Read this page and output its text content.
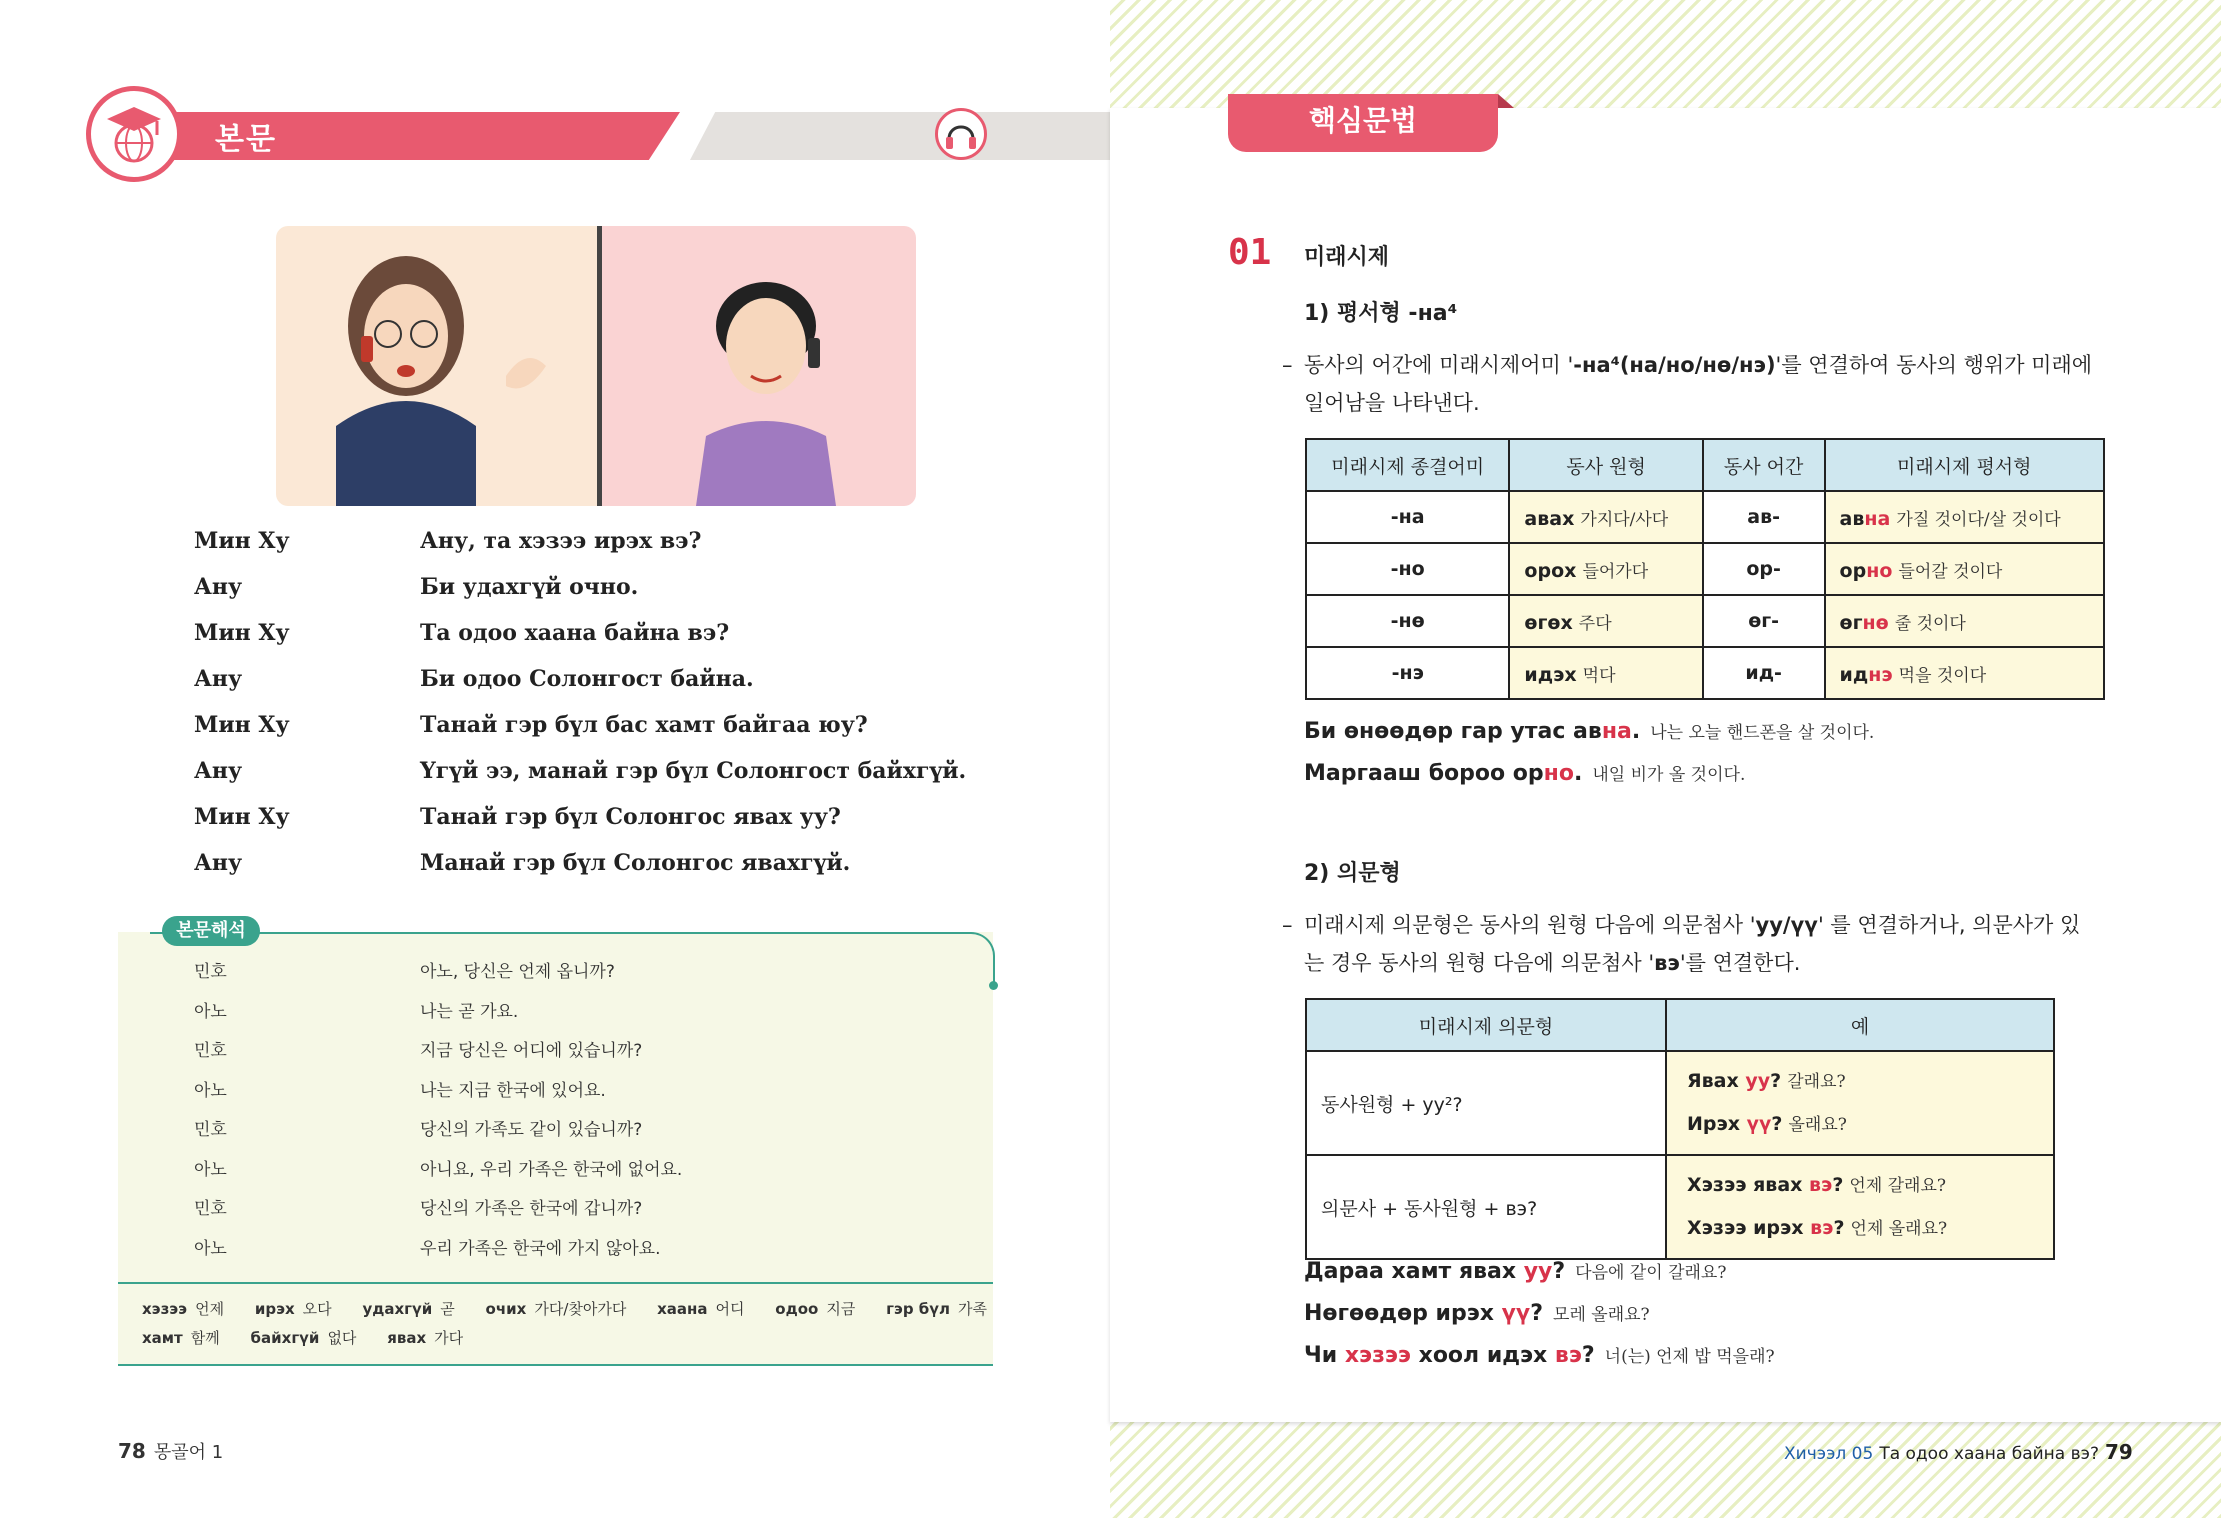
본문
Мин Ху	Ану, та хэзээ ирэх вэ?
Ану	Би удахгүй очно.
Мин Ху	Та одоо хаана байна вэ?
Ану	Би одоо Солонгост байна.
Мин Ху	Танай гэр бүл бас хамт байгаа юу?
Ану	Үгүй ээ, манай гэр бүл Солонгост байхгүй.
Мин Ху	Танай гэр бүл Солонгос явах уу?
Ану	Манай гэр бүл Солонгос явахгүй.
본문해석
민호	아노, 당신은 언제 옵니까?
아노	나는 곧 가요.
민호	지금 당신은 어디에 있습니까?
아노	나는 지금 한국에 있어요.
민호	당신의 가족도 같이 있습니까?
아노	아니요, 우리 가족은 한국에 없어요.
민호	당신의 가족은 한국에 갑니까?
아노	우리 가족은 한국에 가지 않아요.
хэзээ 언제 ирэх 오다 удахгүй 곧 очих 가다/찾아가다 хаана 어디 одоо 지금 гэр бүл 가족
хамт 함께 байхгүй 없다 явах 가다
78 몽골어 1
핵심문법
01 미래시제
1) 평서형 -на⁴
– 동사의 어간에 미래시제어미 '-на⁴(на/но/нө/нэ)'를 연결하여 동사의 행위가 미래에
일어남을 나타낸다.
미래시제 종결어미	동사 원형	동사 어간	미래시제 평서형
-на	авах 가지다/사다	ав-	авна 가질 것이다/살 것이다
-но	орох 들어가다	ор-	орно 들어갈 것이다
-нө	өгөх 주다	өг-	өгнө 줄 것이다
-нэ	идэх 먹다	ид-	иднэ 먹을 것이다
Би өнөөдөр гар утас авна. 나는 오늘 핸드폰을 살 것이다.
Маргааш бороо орно. 내일 비가 올 것이다.
2) 의문형
– 미래시제 의문형은 동사의 원형 다음에 의문첨사 'уу/үү' 를 연결하거나, 의문사가 있
는 경우 동사의 원형 다음에 의문첨사 'вэ'를 연결한다.
미래시제 의문형	예
동사원형 + уу²?	Явах уу? 갈래요?
Ирэх үү? 올래요?

의문사 + 동사원형 + вэ?	Хэзээ явах вэ? 언제 갈래요?
Хэзээ ирэх вэ? 언제 올래요?
Дараа хамт явах уу? 다음에 같이 갈래요?
Нөгөөдөр ирэх үү? 모레 올래요?
Чи хэзээ хоол идэх вэ? 너(는) 언제 밥 먹을래?
Хичээл 05 Та одоо хаана байна вэ? 79
